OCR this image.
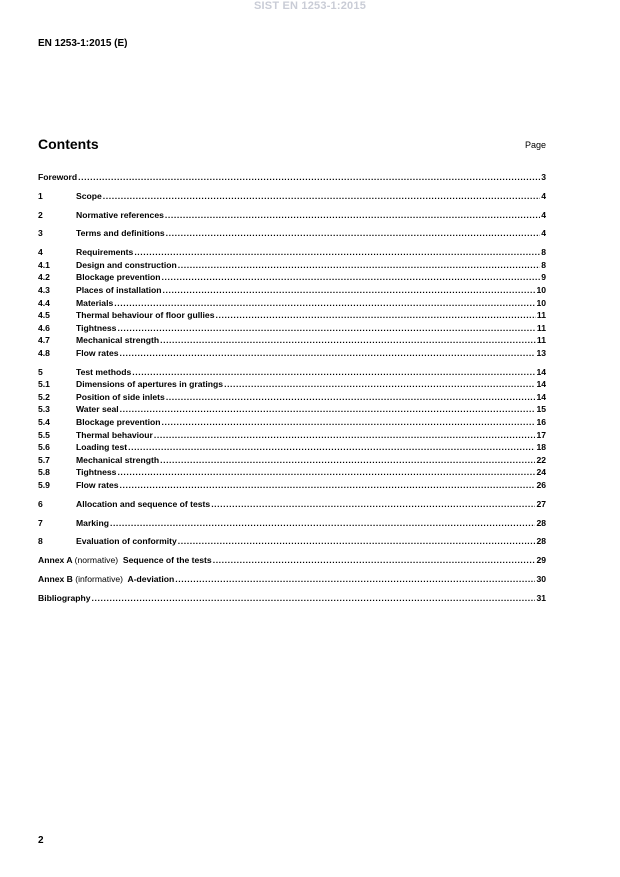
SIST EN 1253-1:2015
EN 1253-1:2015 (E)
Contents	Page
Foreword .....	3
1	Scope .....	4
2	Normative references .....	4
3	Terms and definitions .....	4
4	Requirements .....	8
4.1	Design and construction .....	8
4.2	Blockage prevention .....	9
4.3	Places of installation .....	10
4.4	Materials .....	10
4.5	Thermal behaviour of floor gullies .....	11
4.6	Tightness .....	11
4.7	Mechanical strength .....	11
4.8	Flow rates .....	13
5	Test methods .....	14
5.1	Dimensions of apertures in gratings .....	14
5.2	Position of side inlets .....	14
5.3	Water seal .....	15
5.4	Blockage prevention .....	16
5.5	Thermal behaviour .....	17
5.6	Loading test .....	18
5.7	Mechanical strength .....	22
5.8	Tightness .....	24
5.9	Flow rates .....	26
6	Allocation and sequence of tests .....	27
7	Marking .....	28
8	Evaluation of conformity .....	28
Annex A (normative) Sequence of the tests .....	29
Annex B (informative) A-deviation .....	30
Bibliography .....	31
2
